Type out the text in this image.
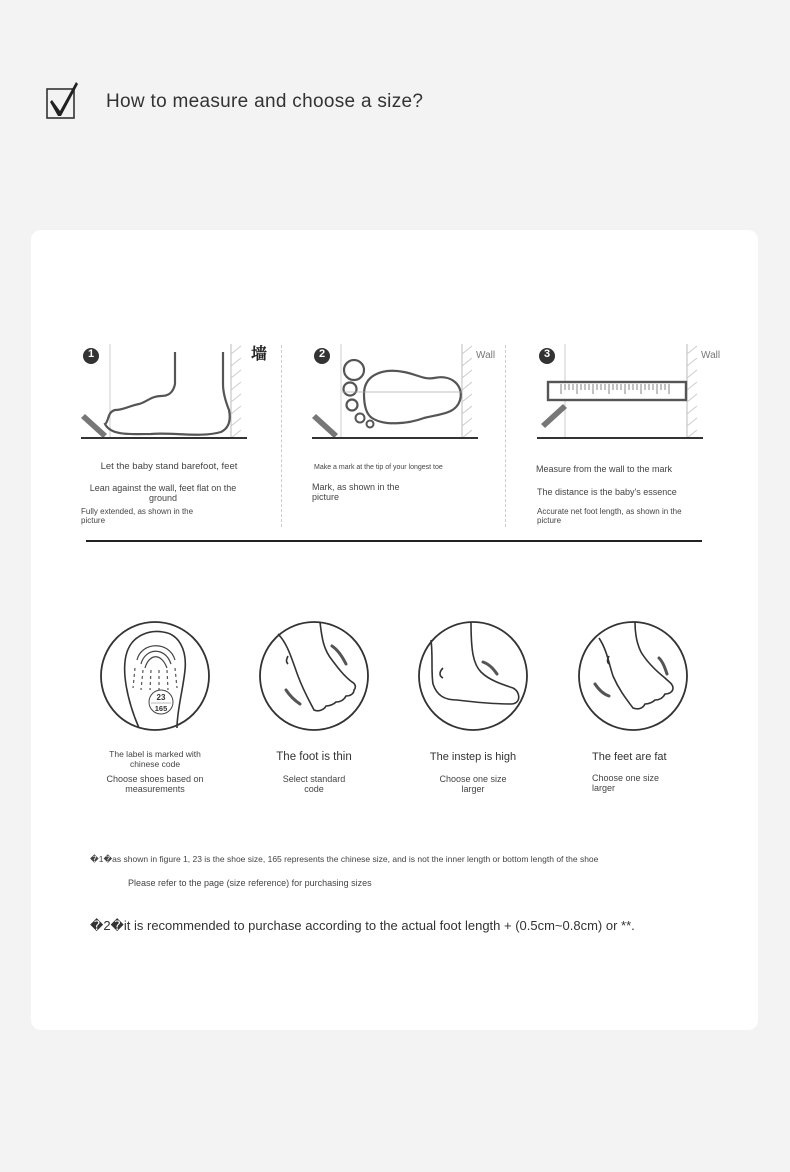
How to measure and choose a size?
墙
Let the baby stand barefoot, feet
Lean against the wall, feet flat on the ground
Fully extended, as shown in the picture
Wall
Make a mark at the tip of your longest toe
Mark, as shown in the picture
Wall
Measure from the wall to the mark
The distance is the baby's essence
Accurate net foot length, as shown in the picture
23
165
The label is marked with chinese code
Choose shoes based on measurements
The foot is thin
Select standard code
The instep is high
Choose one size larger
The feet are fat
Choose one size larger
�1�as shown in figure 1, 23 is the shoe size, 165 represents the chinese size, and is not the inner length or bottom length of the shoe
Please refer to the page (size reference) for purchasing sizes
�2�it is recommended to purchase according to the actual foot length + (0.5cm~0.8cm) or **.
1	2	3
